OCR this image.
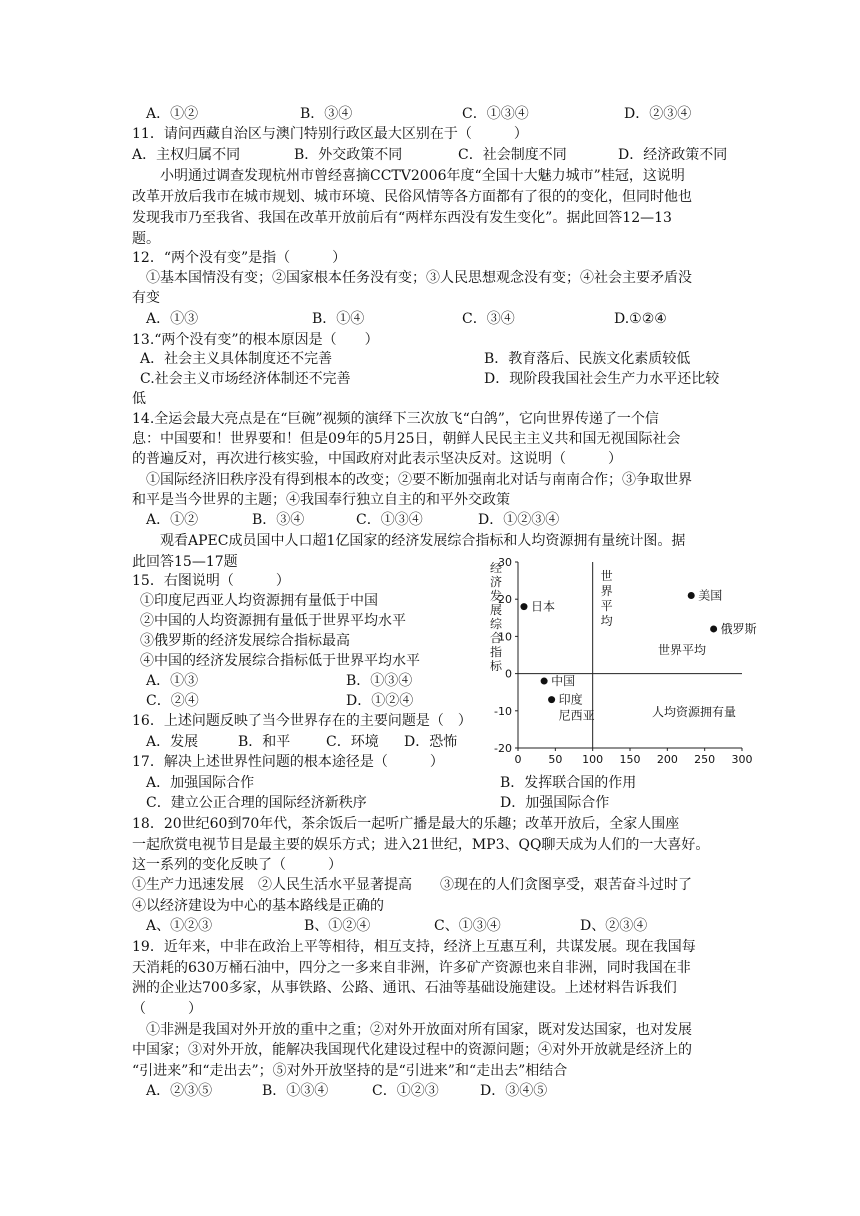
A．①②	B．③④	C．①③④	D．②③④
11．请问西藏自治区与澳门特别行政区最大区别在于（　　　）
A．主权归属不同	B．外交政策不同	C．社会制度不同	D．经济政策不同
　　小明通过调查发现杭州市曾经喜摘CCTV2006年度“全国十大魅力城市”桂冠，这说明
改革开放后我市在城市规划、城市环境、民俗风情等各方面都有了很的的变化，但同时他也
发现我市乃至我省、我国在改革开放前后有“两样东西没有发生变化”。据此回答12—13
题。
12．“两个没有变”是指（　　　）
　①基本国情没有变；②国家根本任务没有变；③人民思想观念没有变；④社会主要矛盾没
有变
A．①③	B．①④	C．③④	D.①②④
13.“两个没有变”的根本原因是（　　）
A．社会主义具体制度还不完善	B．教育落后、民族文化素质较低
C.社会主义市场经济体制还不完善	D．现阶段我国社会生产力水平还比较
低
14.全运会最大亮点是在“巨碗”视频的演绎下三次放飞“白鸽”，它向世界传递了一个信
息：中国要和！世界要和！但是09年的5月25日，朝鲜人民民主主义共和国无视国际社会
的普遍反对，再次进行核实验，中国政府对此表示坚决反对。这说明（　　　）
　①国际经济旧秩序没有得到根本的改变；②要不断加强南北对话与南南合作；③争取世界
和平是当今世界的主题；④我国奉行独立自主的和平外交政策
A．①②	B．③④	C．①③④	D．①②③④
　　观看APEC成员国中人口超1亿国家的经济发展综合指标和人均资源拥有量统计图。据
此回答15—17题
15．右图说明（　　　）
①印度尼西亚人均资源拥有量低于中国
②中国的人均资源拥有量低于世界平均水平
③俄罗斯的经济发展综合指标最高
④中国的经济发展综合指标低于世界平均水平
A．①③	B．①③④
C．②④	D．①②④
16．上述问题反映了当今世界存在的主要问题是（　）
A．发展	B．和平	C．环境 D．恐怖
17．解决上述世界性问题的根本途径是（　　　）
A．加强国际合作	B．发挥联合国的作用
C．建立公正合理的国际经济新秩序	D．加强国际合作
18．20世纪60到70年代，茶余饭后一起听广播是最大的乐趣；改革开放后，全家人围座
一起欣赏电视节目是最主要的娱乐方式；进入21世纪，MP3、QQ聊天成为人们的一大喜好。
这一系列的变化反映了（　　　）
①生产力迅速发展　②人民生活水平显著提高　　③现在的人们贪图享受，艰苦奋斗过时了
④以经济建设为中心的基本路线是正确的
A、①②③	B、①②④	C、①③④	D、②③④
19．近年来，中非在政治上平等相待，相互支持，经济上互惠互利，共谋发展。现在我国每
天消耗的630万桶石油中，四分之一多来自非洲，许多矿产资源也来自非洲，同时我国在非
洲的企业达700多家，从事铁路、公路、通讯、石油等基础设施建设。上述材料告诉我们
（　　　）
　①非洲是我国对外开放的重中之重；②对外开放面对所有国家，既对发达国家，也对发展
中国家；③对外开放，能解决我国现代化建设过程中的资源问题；④对外开放就是经济上的
“引进来”和“走出去”；⑤对外开放坚持的是“引进来”和“走出去”相结合
A．②③⑤	B．①③④	C．①②③	D．③④⑤
30
20
10
0
-10
-20
0 50 100 150 200 250 300
日本
美国
俄罗斯
中国
印度
尼西亚
经济发展综合指标
人均资源拥有量
世界平均
世界平均
